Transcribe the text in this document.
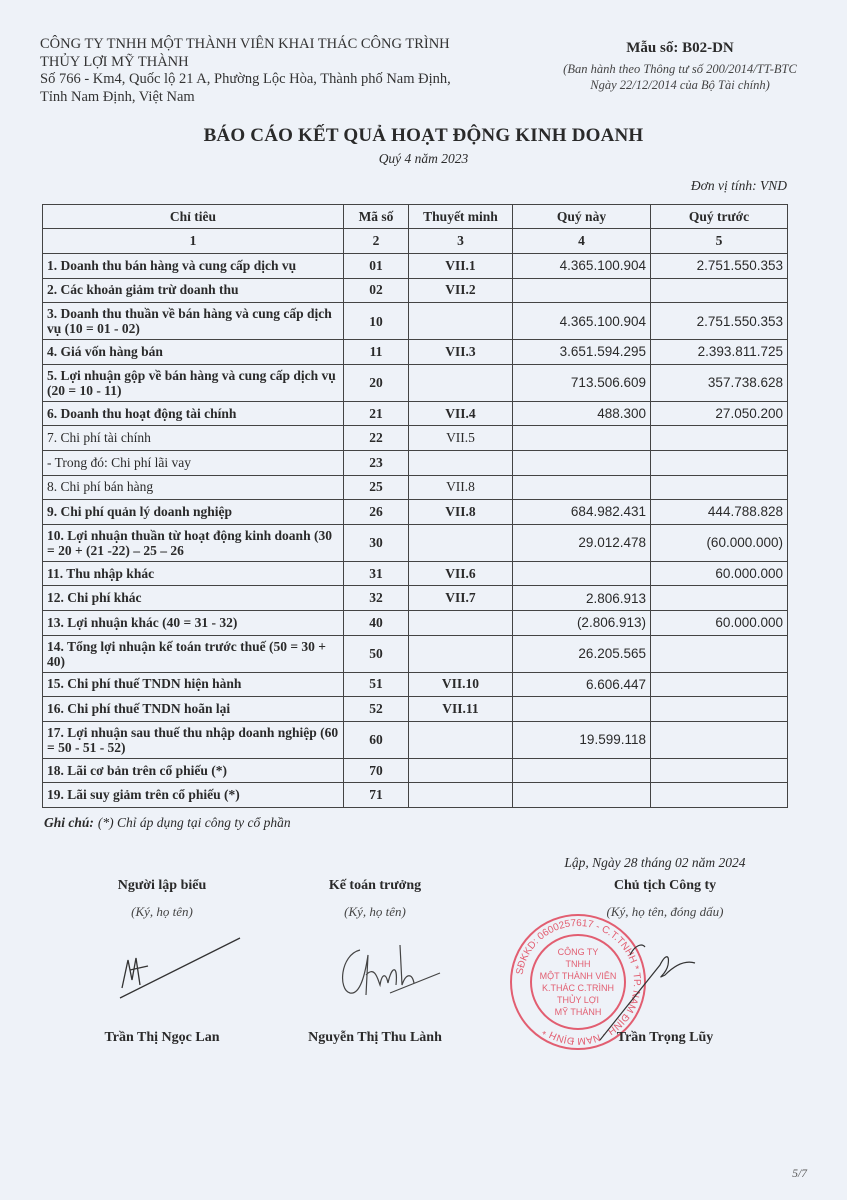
CÔNG TY TNHH MỘT THÀNH VIÊN KHAI THÁC CÔNG TRÌNH
THỦY LỢI MỸ THÀNH
Số 766 - Km4, Quốc lộ 21 A, Phường Lộc Hòa, Thành phố Nam Định,
Tỉnh Nam Định, Việt Nam
Mẫu số: B02-DN
(Ban hành theo Thông tư số 200/2014/TT-BTC
Ngày 22/12/2014 của Bộ Tài chính)
BÁO CÁO KẾT QUẢ HOẠT ĐỘNG KINH DOANH
Quý 4 năm 2023
Đơn vị tính: VND
Chỉ tiêu	Mã số	Thuyết minh	Quý này	Quý trước
1	2	3	4	5
1. Doanh thu bán hàng và cung cấp dịch vụ	01	VII.1	4.365.100.904	2.751.550.353
2. Các khoản giảm trừ doanh thu	02	VII.2		
3. Doanh thu thuần về bán hàng và cung cấp dịch vụ (10 = 01 - 02)	10		4.365.100.904	2.751.550.353
4. Giá vốn hàng bán	11	VII.3	3.651.594.295	2.393.811.725
5. Lợi nhuận gộp về bán hàng và cung cấp dịch vụ (20 = 10 - 11)	20		713.506.609	357.738.628
6. Doanh thu hoạt động tài chính	21	VII.4	488.300	27.050.200
7. Chi phí tài chính	22	VII.5		
- Trong đó: Chi phí lãi vay	23			
8. Chi phí bán hàng	25	VII.8		
9. Chi phí quản lý doanh nghiệp	26	VII.8	684.982.431	444.788.828
10. Lợi nhuận thuần từ hoạt động kinh doanh (30 = 20 + (21 -22) – 25 – 26	30		29.012.478	(60.000.000)
11. Thu nhập khác	31	VII.6		60.000.000
12. Chi phí khác	32	VII.7	2.806.913	
13. Lợi nhuận khác (40 = 31 - 32)	40		(2.806.913)	60.000.000
14. Tổng lợi nhuận kế toán trước thuế (50 = 30 + 40)	50		26.205.565	
15. Chi phí thuế TNDN hiện hành	51	VII.10	6.606.447	
16. Chi phí thuế TNDN hoãn lại	52	VII.11		
17. Lợi nhuận sau thuế thu nhập doanh nghiệp (60 = 50 - 51 - 52)	60		19.599.118	
18. Lãi cơ bản trên cổ phiếu (*)	70			
19. Lãi suy giảm trên cổ phiếu (*)	71			
Ghi chú: (*) Chỉ áp dụng tại công ty cổ phần
Lập, Ngày 28 tháng 02 năm 2024
Người lập biểu
(Ký, họ tên)
Kế toán trưởng
(Ký, họ tên)
Chủ tịch Công ty
(Ký, họ tên, đóng dấu)
SĐKKD: 0600257617 - C.T.TNHH * TP. NAM ĐỊNH - NAM ĐỊNH *
CÔNG TY
TNHH
MỘT THÀNH VIÊN
K.THÁC C.TRÌNH
THỦY LỢI
MỸ THÀNH
Trần Thị Ngọc Lan	Nguyễn Thị Thu Lành	Trần Trọng Lũy
5/7
